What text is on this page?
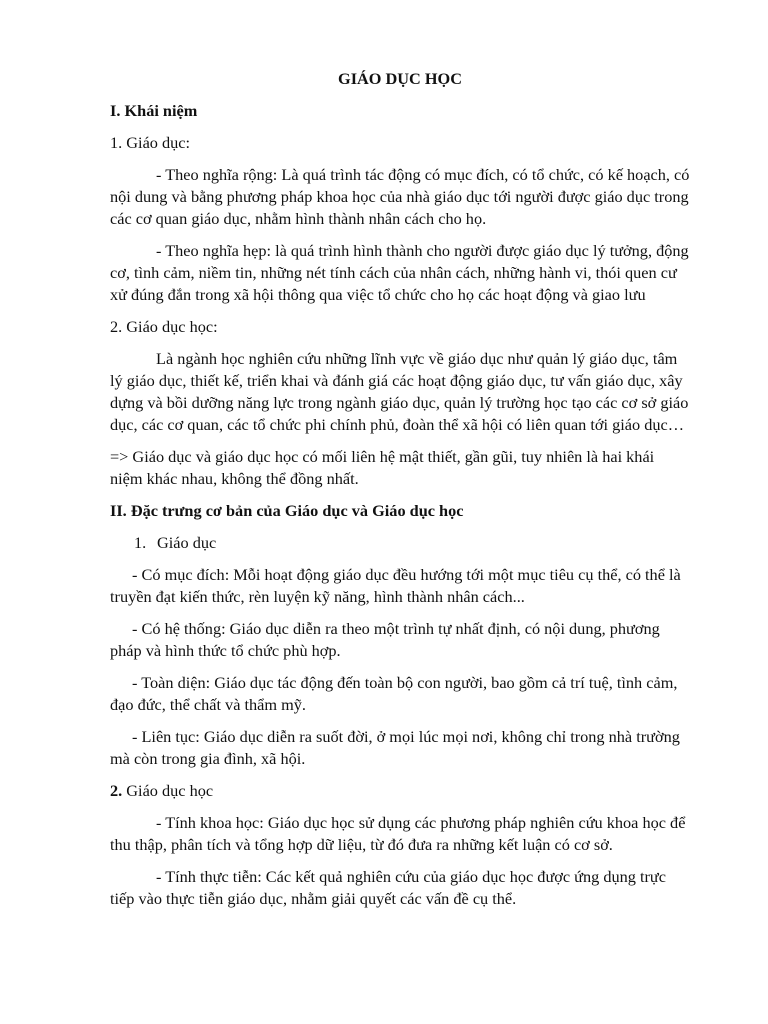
GIÁO DỤC HỌC
I. Khái niệm
1. Giáo dục:
- Theo nghĩa rộng: Là quá trình tác động có mục đích, có tổ chức, có kế hoạch, có nội dung và bằng phương pháp khoa học của nhà giáo dục tới người được giáo dục trong các cơ quan giáo dục, nhằm hình thành nhân cách cho họ.
- Theo nghĩa hẹp: là quá trình hình thành cho người được giáo dục lý tưởng, động cơ, tình cảm, niềm tin, những nét tính cách của nhân cách, những hành vi, thói quen cư xử đúng đắn trong xã hội thông qua việc tổ chức cho họ các hoạt động và giao lưu
2. Giáo dục học:
Là ngành học nghiên cứu những lĩnh vực về giáo dục như quản lý giáo dục, tâm lý giáo dục, thiết kế, triển khai và đánh giá các hoạt động giáo dục, tư vấn giáo dục, xây dựng và bồi dưỡng năng lực trong ngành giáo dục, quản lý trường học tạo các cơ sở giáo dục, các cơ quan, các tổ chức phi chính phủ, đoàn thể xã hội có liên quan tới giáo dục…
=> Giáo dục và giáo dục học có mối liên hệ mật thiết, gần gũi, tuy nhiên là hai khái niệm khác nhau, không thể đồng nhất.
II. Đặc trưng cơ bản của Giáo dục và Giáo dục học
1. Giáo dục
- Có mục đích: Mỗi hoạt động giáo dục đều hướng tới một mục tiêu cụ thể, có thể là truyền đạt kiến thức, rèn luyện kỹ năng, hình thành nhân cách...
- Có hệ thống: Giáo dục diễn ra theo một trình tự nhất định, có nội dung, phương pháp và hình thức tổ chức phù hợp.
- Toàn diện: Giáo dục tác động đến toàn bộ con người, bao gồm cả trí tuệ, tình cảm, đạo đức, thể chất và thẩm mỹ.
- Liên tục: Giáo dục diễn ra suốt đời, ở mọi lúc mọi nơi, không chỉ trong nhà trường mà còn trong gia đình, xã hội.
2. Giáo dục học
- Tính khoa học: Giáo dục học sử dụng các phương pháp nghiên cứu khoa học để thu thập, phân tích và tổng hợp dữ liệu, từ đó đưa ra những kết luận có cơ sở.
- Tính thực tiễn: Các kết quả nghiên cứu của giáo dục học được ứng dụng trực tiếp vào thực tiễn giáo dục, nhằm giải quyết các vấn đề cụ thể.
